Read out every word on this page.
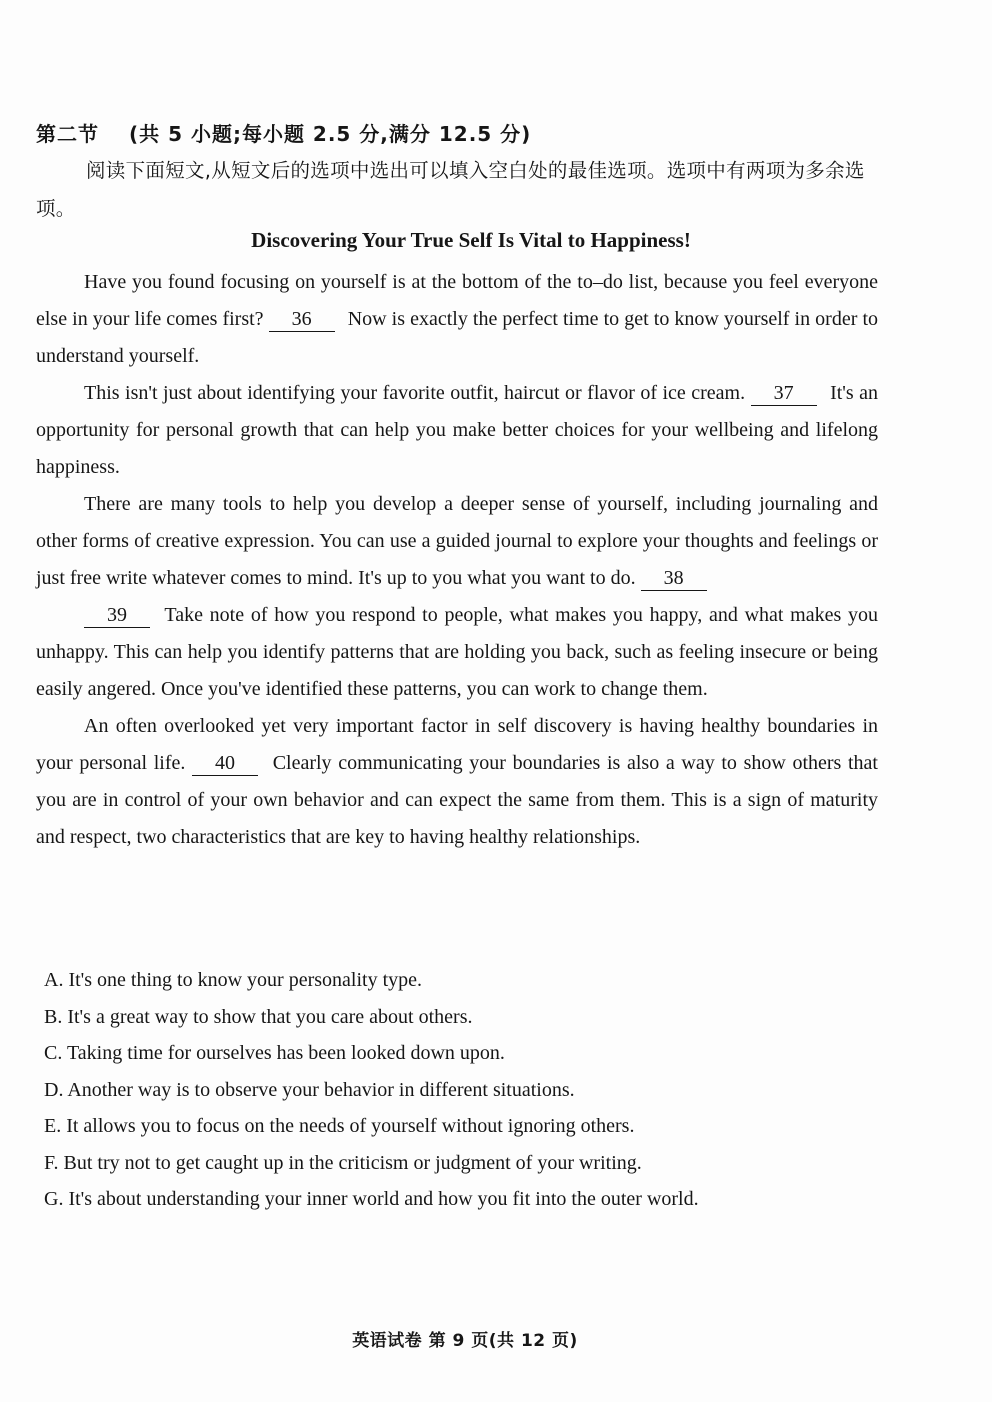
第二节 (共 5 小题;每小题 2.5 分,满分 12.5 分)
阅读下面短文,从短文后的选项中选出可以填入空白处的最佳选项。选项中有两项为多余选项。
Discovering Your True Self Is Vital to Happiness!

Have you found focusing on yourself is at the bottom of the to–do list, because you feel everyone else in your life comes first? 36 Now is exactly the perfect time to get to know yourself in order to understand yourself.

This isn't just about identifying your favorite outfit, haircut or flavor of ice cream. 37 It's an opportunity for personal growth that can help you make better choices for your wellbeing and lifelong happiness.

There are many tools to help you develop a deeper sense of yourself, including journaling and other forms of creative expression. You can use a guided journal to explore your thoughts and feelings or just free write whatever comes to mind. It's up to you what you want to do. 38

39 Take note of how you respond to people, what makes you happy, and what makes you unhappy. This can help you identify patterns that are holding you back, such as feeling insecure or being easily angered. Once you've identified these patterns, you can work to change them.

An often overlooked yet very important factor in self discovery is having healthy boundaries in your personal life. 40 Clearly communicating your boundaries is also a way to show others that you are in control of your own behavior and can expect the same from them. This is a sign of maturity and respect, two characteristics that are key to having healthy relationships.

A. It's one thing to know your personality type.
B. It's a great way to show that you care about others.
C. Taking time for ourselves has been looked down upon.
D. Another way is to observe your behavior in different situations.
E. It allows you to focus on the needs of yourself without ignoring others.
F. But try not to get caught up in the criticism or judgment of your writing.
G. It's about understanding your inner world and how you fit into the outer world.
英语试卷 第 9 页(共 12 页)
